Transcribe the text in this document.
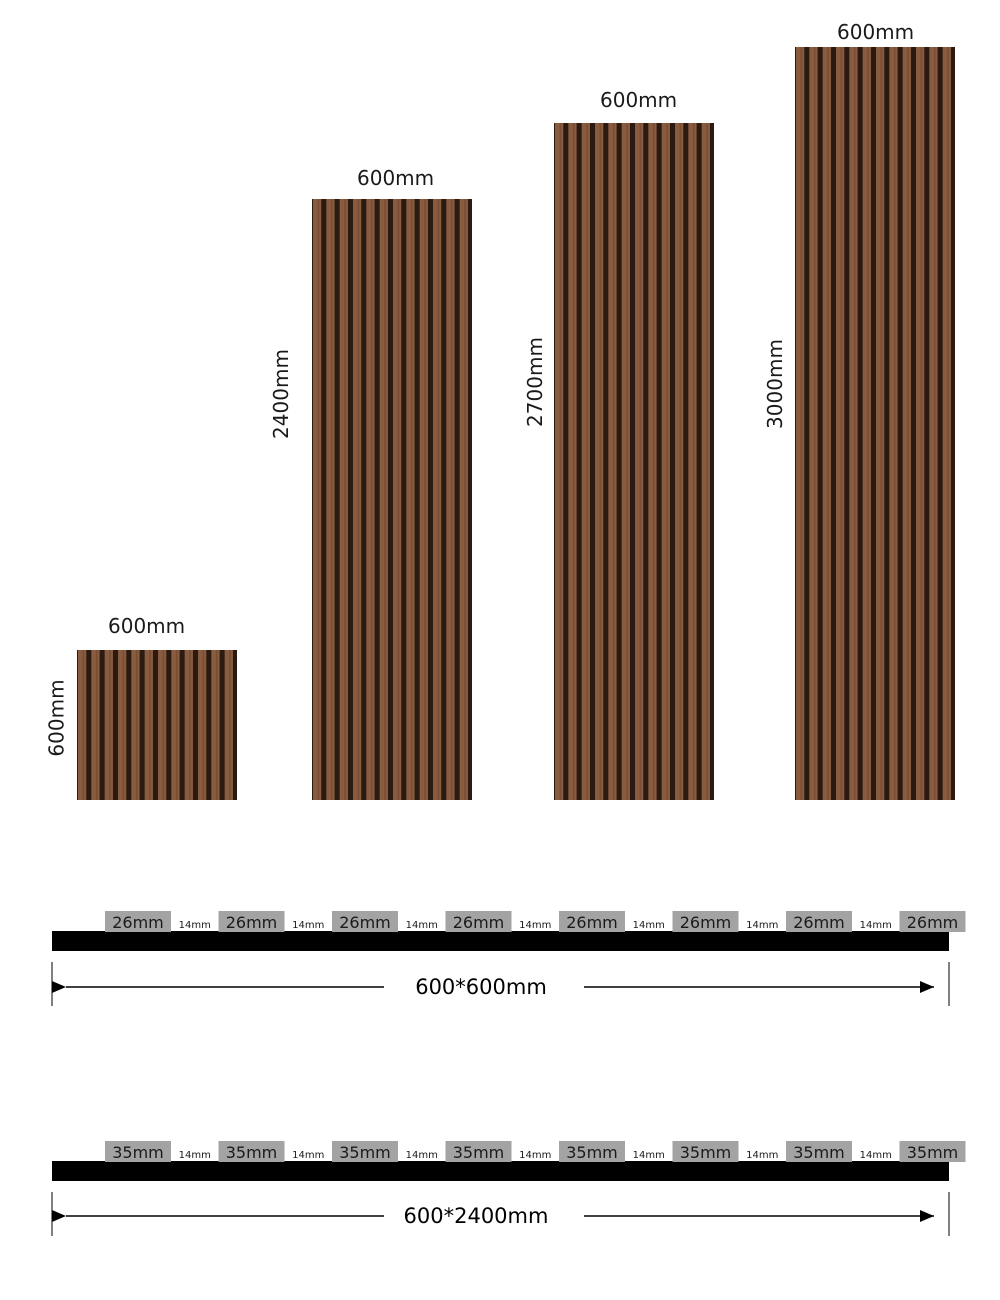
600mm
600mm
600mm
2400mm
600mm
2700mm
600mm
3000mm
26mm 14mm 26mm 14mm 26mm 14mm 26mm 14mm 26mm 14mm 26mm 14mm 26mm 14mm 26mm
600*600mm
35mm 14mm 35mm 14mm 35mm 14mm 35mm 14mm 35mm 14mm 35mm 14mm 35mm 14mm 35mm
600*2400mm
